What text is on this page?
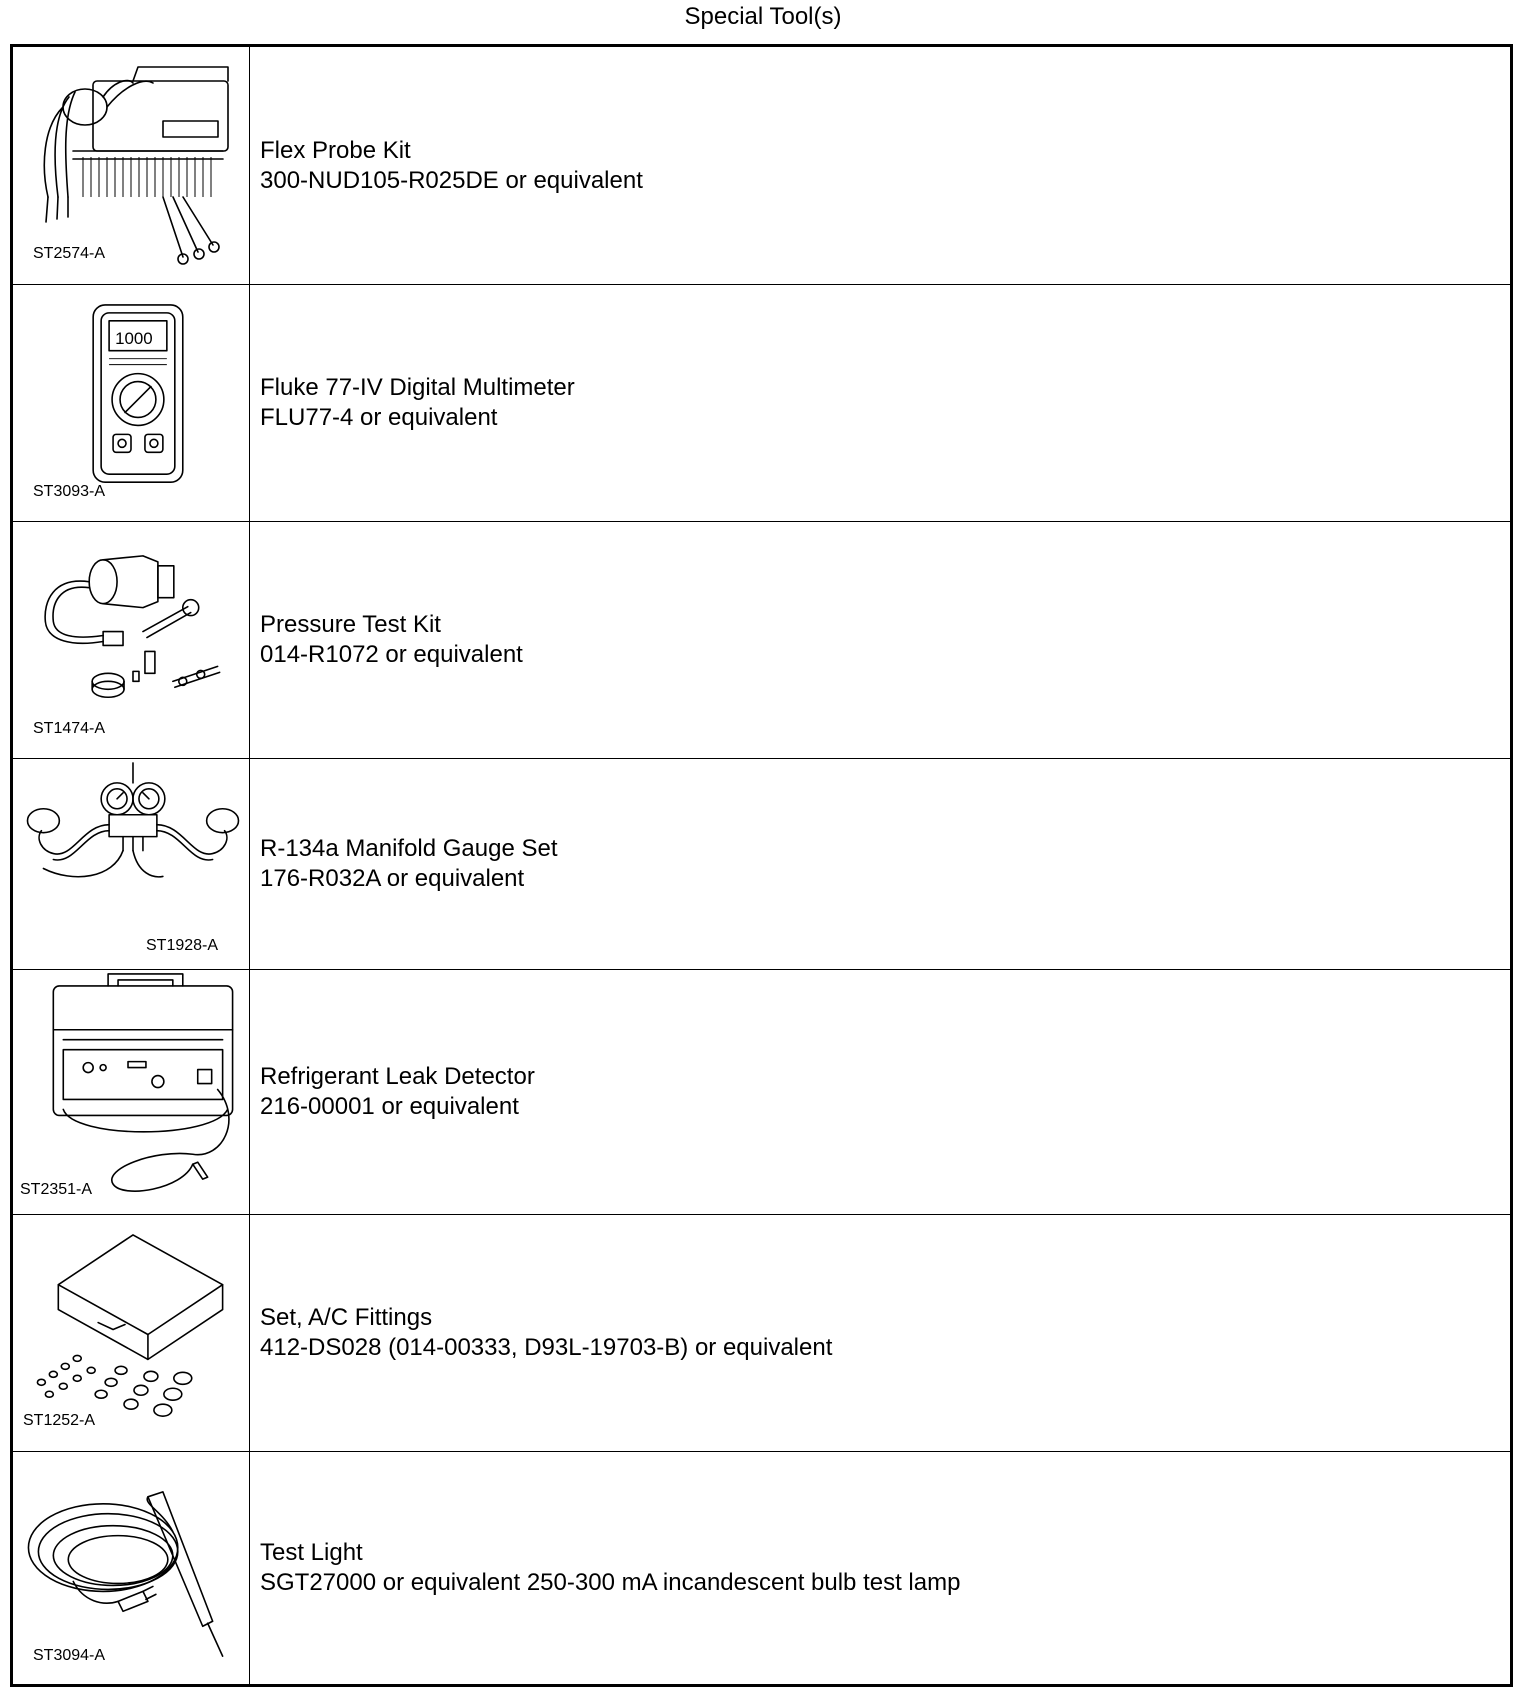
Special Tool(s)
ST2574-A
Flex Probe Kit
300-NUD105-R025DE or equivalent
1000
ST3093-A
Fluke 77-IV Digital Multimeter
FLU77-4 or equivalent
ST1474-A
Pressure Test Kit
014-R1072 or equivalent
ST1928-A
R-134a Manifold Gauge Set
176-R032A or equivalent
ST2351-A
Refrigerant Leak Detector
216-00001 or equivalent
ST1252-A
Set, A/C Fittings
412-DS028 (014-00333, D93L-19703-B) or equivalent
ST3094-A
Test Light
SGT27000 or equivalent 250-300 mA incandescent bulb test lamp
